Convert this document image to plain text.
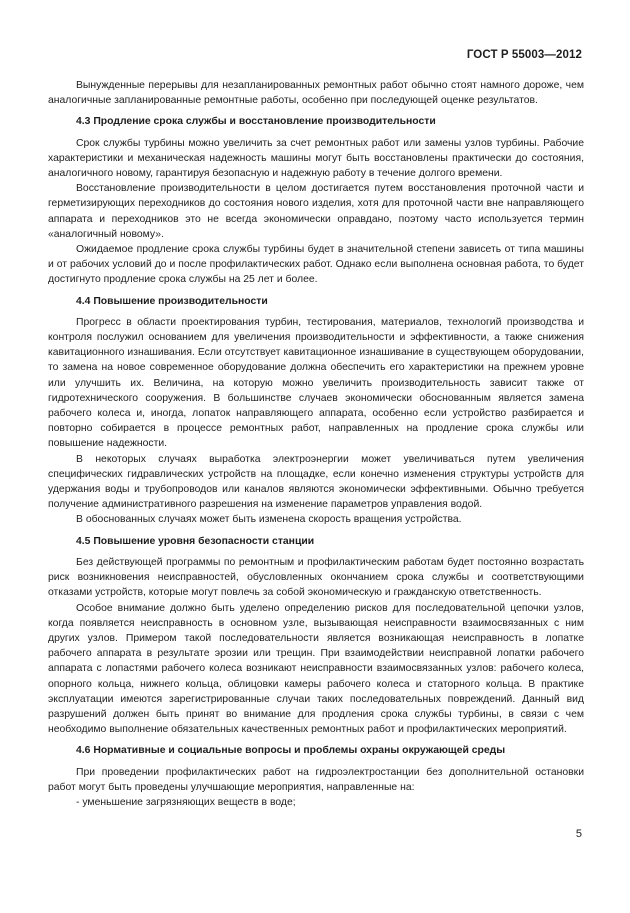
ГОСТ Р 55003—2012

Вынужденные перерывы для незапланированных ремонтных работ обычно стоят намного дороже, чем аналогичные запланированные ремонтные работы, особенно при последующей оценке результатов.

4.3 Продление срока службы и восстановление производительности

Срок службы турбины можно увеличить за счет ремонтных работ или замены узлов турбины. Рабочие характеристики и механическая надежность машины могут быть восстановлены практически до состояния, аналогичного новому, гарантируя безопасную и надежную работу в течение долгого времени.

Восстановление производительности в целом достигается путем восстановления проточной части и герметизирующих переходников до состояния нового изделия, хотя для проточной части вне направляющего аппарата и переходников это не всегда экономически оправдано, поэтому часто используется термин «аналогичный новому».

Ожидаемое продление срока службы турбины будет в значительной степени зависеть от типа машины и от рабочих условий до и после профилактических работ. Однако если выполнена основная работа, то будет достигнуто продление срока службы на 25 лет и более.

4.4 Повышение производительности

Прогресс в области проектирования турбин, тестирования, материалов, технологий производства и контроля послужил основанием для увеличения производительности и эффективности, а также снижения кавитационного изнашивания. Если отсутствует кавитационное изнашивание в существующем оборудовании, то замена на новое современное оборудование должна обеспечить его характеристики на прежнем уровне или улучшить их. Величина, на которую можно увеличить производительность зависит также от гидротехнического сооружения. В большинстве случаев экономически обоснованным является замена рабочего колеса и, иногда, лопаток направляющего аппарата, особенно если устройство разбирается и повторно собирается в процессе ремонтных работ, направленных на продление срока службы или повышение надежности.

В некоторых случаях выработка электроэнергии может увеличиваться путем увеличения специфических гидравлических устройств на площадке, если конечно изменения структуры устройств для удержания воды и трубопроводов или каналов являются экономически эффективными. Обычно требуется получение административного разрешения на изменение параметров управления водой.

В обоснованных случаях может быть изменена скорость вращения устройства.

4.5 Повышение уровня безопасности станции

Без действующей программы по ремонтным и профилактическим работам будет постоянно возрастать риск возникновения неисправностей, обусловленных окончанием срока службы и соответствующими отказами устройств, которые могут повлечь за собой экономическую и гражданскую ответственность.

Особое внимание должно быть уделено определению рисков для последовательной цепочки узлов, когда появляется неисправность в основном узле, вызывающая неисправности взаимосвязанных с ним других узлов. Примером такой последовательности является возникающая неисправность в лопатке рабочего аппарата в результате эрозии или трещин. При взаимодействии неисправной лопатки рабочего аппарата с лопастями рабочего колеса возникают неисправности взаимосвязанных узлов: рабочего колеса, опорного кольца, нижнего кольца, облицовки камеры рабочего колеса и статорного кольца. В практике эксплуатации имеются зарегистрированные случаи таких последовательных повреждений. Данный вид разрушений должен быть принят во внимание для продления срока службы турбины, в связи с чем необходимо выполнение обязательных качественных ремонтных работ и профилактических мероприятий.

4.6 Нормативные и социальные вопросы и проблемы охраны окружающей среды

При проведении профилактических работ на гидроэлектростанции без дополнительной остановки работ могут быть проведены улучшающие мероприятия, направленные на:

- уменьшение загрязняющих веществ в воде;

5
